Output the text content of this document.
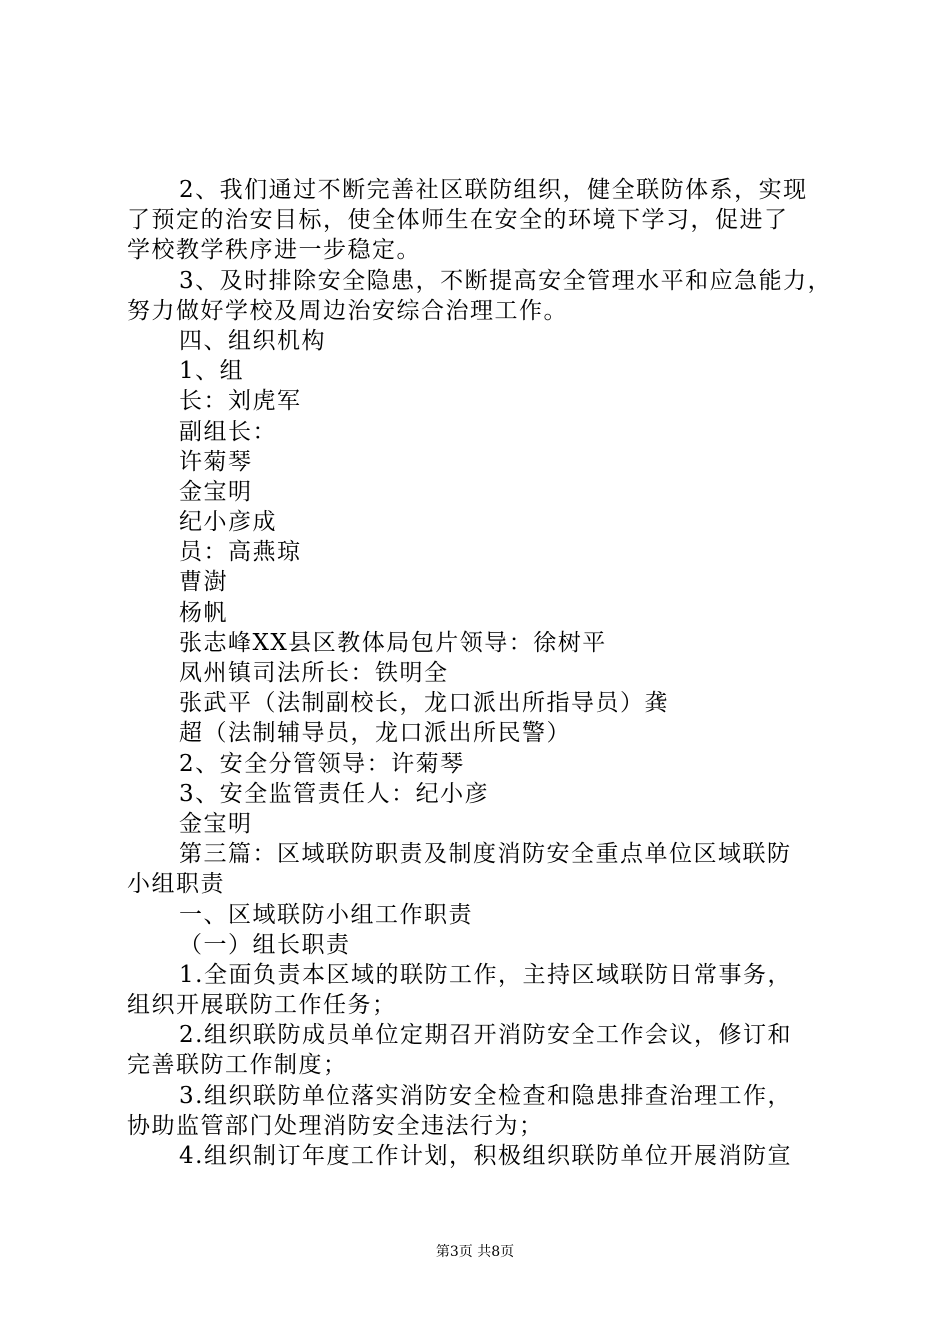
2、我们通过不断完善社区联防组织，健全联防体系，实现
了预定的治安目标，使全体师生在安全的环境下学习，促进了
学校教学秩序进一步稳定。
3、及时排除安全隐患，不断提高安全管理水平和应急能力，
努力做好学校及周边治安综合治理工作。
四、组织机构
1、组
长：刘虎军
副组长：
许菊琴
金宝明
纪小彦成
员：高燕琼
曹澍
杨帆
张志峰XX县区教体局包片领导：徐树平
凤州镇司法所长：铁明全
张武平（法制副校长，龙口派出所指导员）龚
超（法制辅导员，龙口派出所民警）
2、安全分管领导：许菊琴
3、安全监管责任人：纪小彦
金宝明
第三篇：区域联防职责及制度消防安全重点单位区域联防
小组职责
一、区域联防小组工作职责
（一）组长职责
1.全面负责本区域的联防工作，主持区域联防日常事务，
组织开展联防工作任务；
2.组织联防成员单位定期召开消防安全工作会议，修订和
完善联防工作制度；
3.组织联防单位落实消防安全检查和隐患排查治理工作，
协助监管部门处理消防安全违法行为；
4.组织制订年度工作计划，积极组织联防单位开展消防宣
第3页 共8页
